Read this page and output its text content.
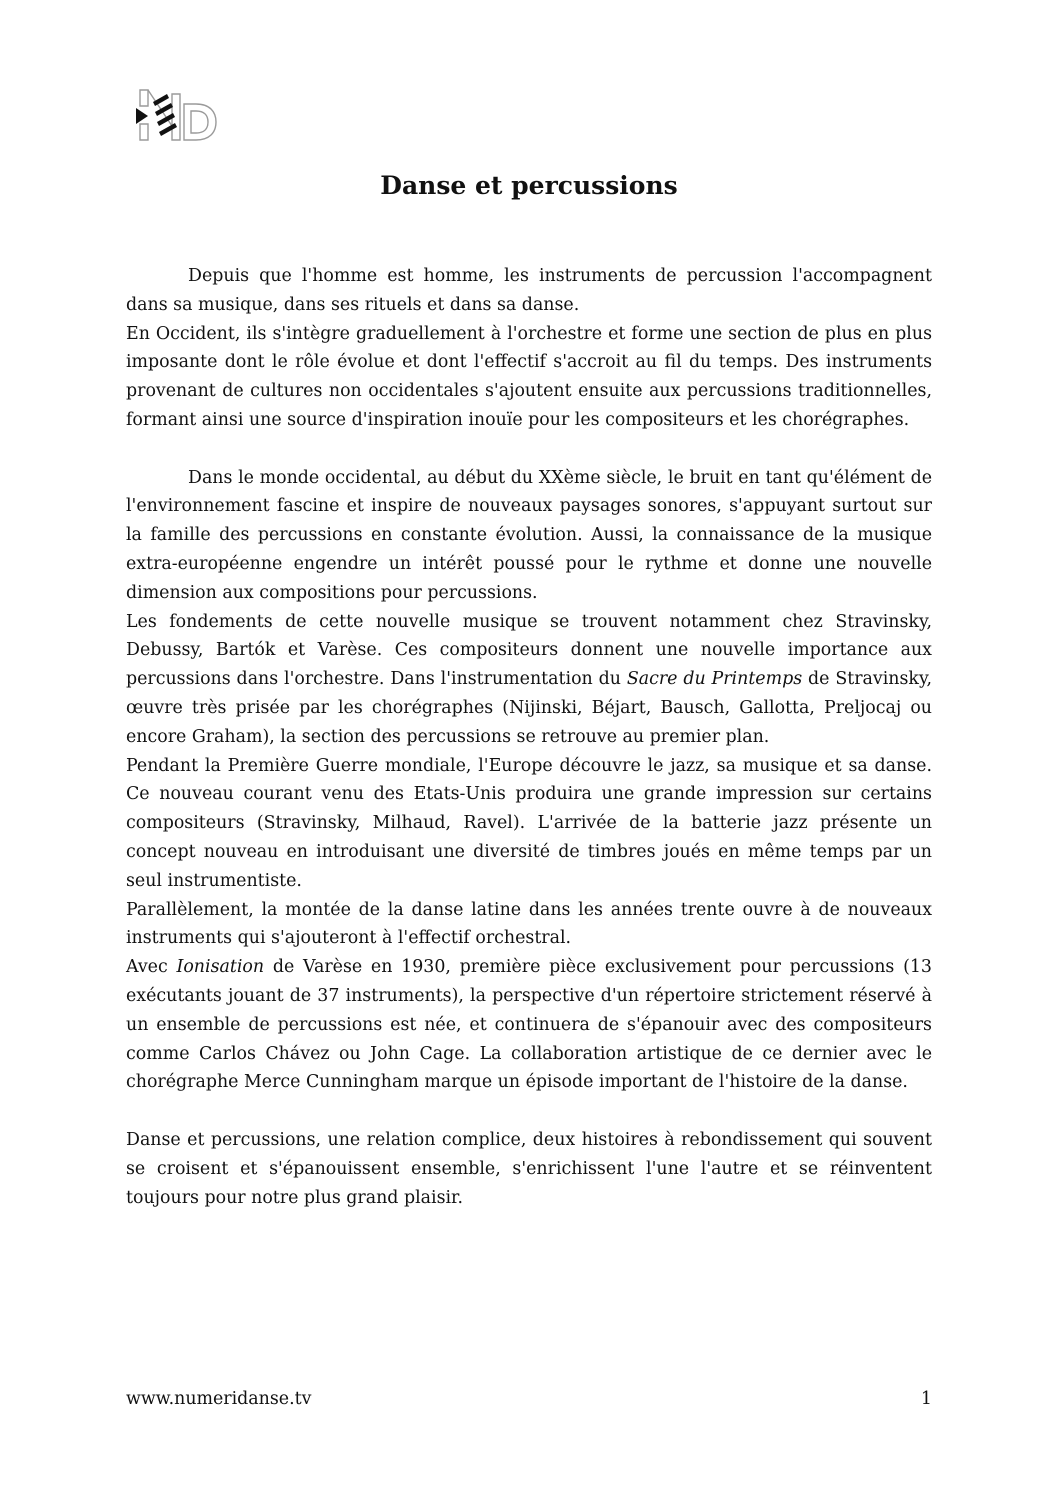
Danse et percussions

Depuis que l'homme est homme, les instruments de percussion l'accompagnent dans sa musique, dans ses rituels et dans sa danse.

En Occident, ils s'intègre graduellement à l'orchestre et forme une section de plus en plus imposante dont le rôle évolue et dont l'effectif s'accroit au fil du temps. Des instruments provenant de cultures non occidentales s'ajoutent ensuite aux percussions traditionnelles, formant ainsi une source d'inspiration inouïe pour les compositeurs et les chorégraphes.

Dans le monde occidental, au début du XXème siècle, le bruit en tant qu'élément de l'environnement fascine et inspire de nouveaux paysages sonores, s'appuyant surtout sur la famille des percussions en constante évolution. Aussi, la connaissance de la musique extra-européenne engendre un intérêt poussé pour le rythme et donne une nouvelle dimension aux compositions pour percussions.

Les fondements de cette nouvelle musique se trouvent notamment chez Stravinsky, Debussy, Bartók et Varèse. Ces compositeurs donnent une nouvelle importance aux percussions dans l'orchestre. Dans l'instrumentation du Sacre du Printemps de Stravinsky, œuvre très prisée par les chorégraphes (Nijinski, Béjart, Bausch, Gallotta, Preljocaj ou encore Graham), la section des percussions se retrouve au premier plan.

Pendant la Première Guerre mondiale, l'Europe découvre le jazz, sa musique et sa danse. Ce nouveau courant venu des Etats-Unis produira une grande impression sur certains compositeurs (Stravinsky, Milhaud, Ravel). L'arrivée de la batterie jazz présente un concept nouveau en introduisant une diversité de timbres joués en même temps par un seul instrumentiste.

Parallèlement, la montée de la danse latine dans les années trente ouvre à de nouveaux instruments qui s'ajouteront à l'effectif orchestral.

Avec Ionisation de Varèse en 1930, première pièce exclusivement pour percussions (13 exécutants jouant de 37 instruments), la perspective d'un répertoire strictement réservé à un ensemble de percussions est née, et continuera de s'épanouir avec des compositeurs comme Carlos Chávez ou John Cage. La collaboration artistique de ce dernier avec le chorégraphe Merce Cunningham marque un épisode important de l'histoire de la danse.

Danse et percussions, une relation complice, deux histoires à rebondissement qui souvent se croisent et s'épanouissent ensemble, s'enrichissent l'une l'autre et se réinventent toujours pour notre plus grand plaisir.

www.numeridanse.tv	1
